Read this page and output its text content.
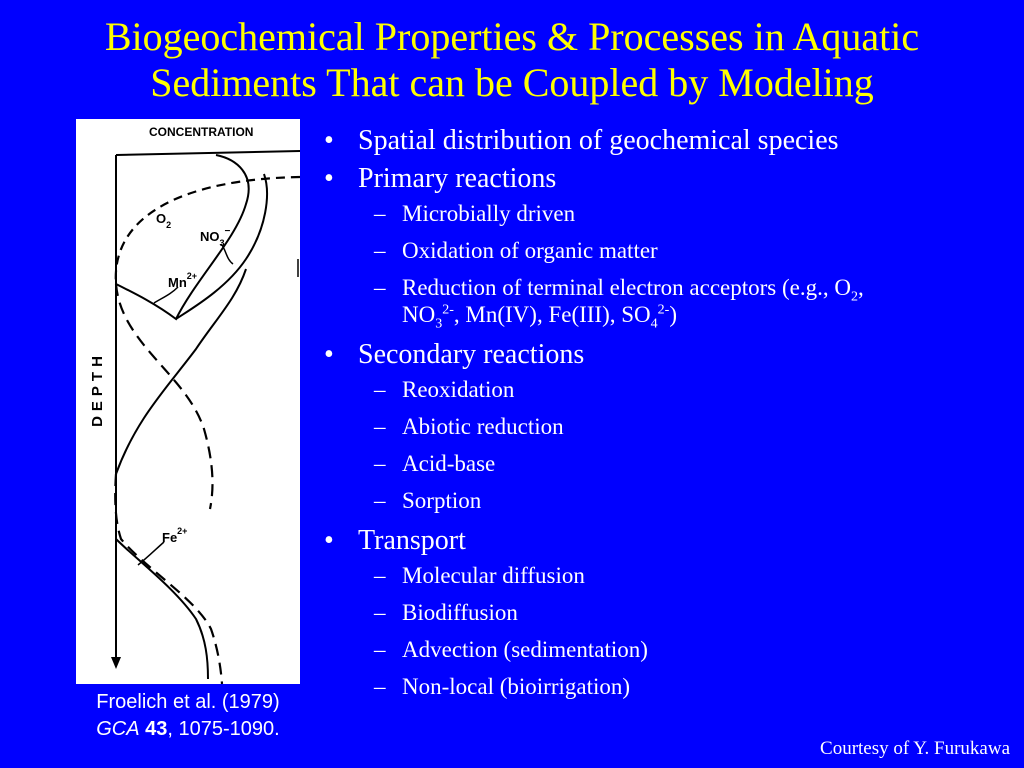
Biogeochemical Properties & Processes in Aquatic
Sediments That can be Coupled by Modeling
CONCENTRATION
DEPTH
$O_2$
$NO_3^-$
$Mn^{2+}$
$Fe^{2+}$
Froelich et al. (1979)
GCA 43, 1075-1090.
• Spatial distribution of geochemical species
• Primary reactions
– Microbially driven
– Oxidation of organic matter
– Reduction of terminal electron acceptors (e.g., $O_2$,
$NO_3^{2-}$, Mn(IV), Fe(III), $SO_4^{2-}$)
• Secondary reactions
– Reoxidation
– Abiotic reduction
– Acid-base
– Sorption
• Transport
– Molecular diffusion
– Biodiffusion
– Advection (sedimentation)
– Non-local (bioirrigation)
Courtesy of Y. Furukawa
